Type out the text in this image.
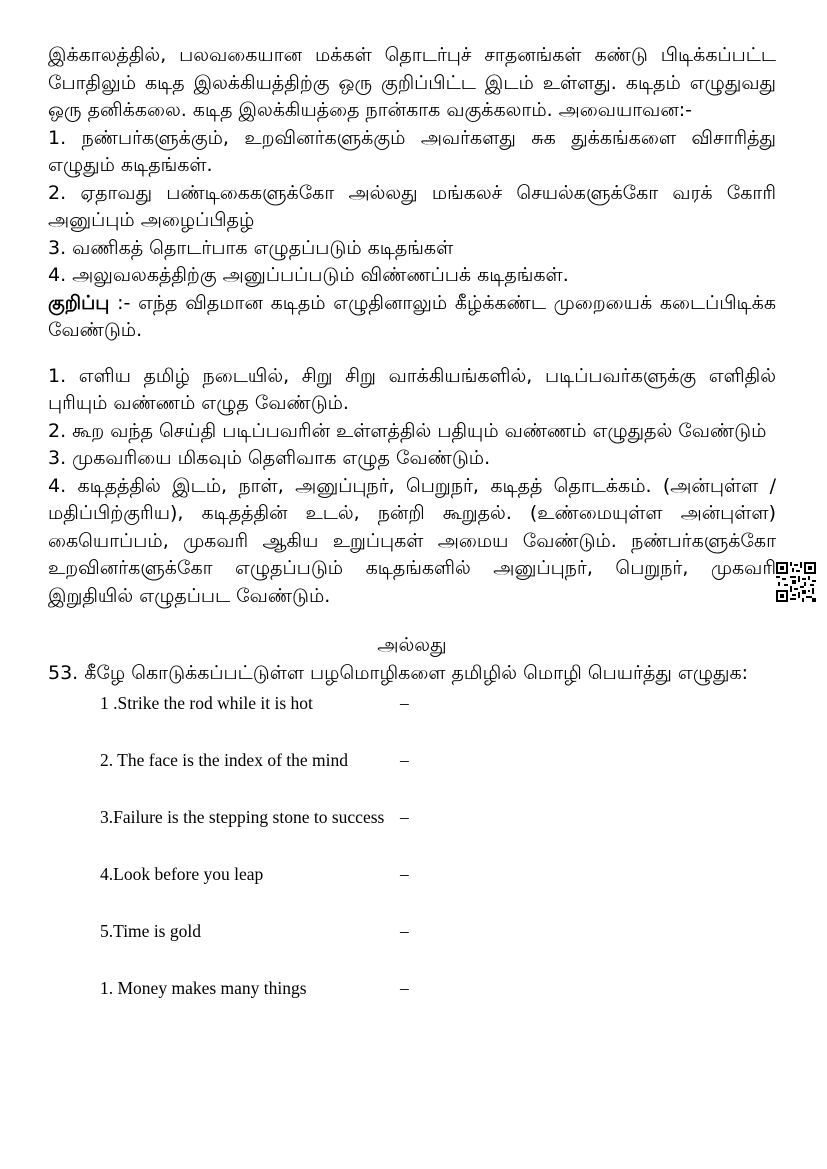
இக்காலத்தில், பலவகையான மக்கள் தொடர்புச் சாதனங்கள் கண்டு பிடிக்கப்பட்ட போதிலும் கடித இலக்கியத்திற்கு ஒரு குறிப்பிட்ட இடம் உள்ளது. கடிதம் எழுதுவது ஒரு தனிக்கலை. கடித இலக்கியத்தை நான்காக வகுக்கலாம். அவையாவன:-

1. நண்பர்களுக்கும், உறவினர்களுக்கும் அவர்களது சுக துக்கங்களை விசாரித்து எழுதும் கடிதங்கள்.

2. ஏதாவது பண்டிகைகளுக்கோ அல்லது மங்கலச் செயல்களுக்கோ வரக் கோரி அனுப்பும் அழைப்பிதழ்

3. வணிகத் தொடர்பாக எழுதப்படும் கடிதங்கள்

4. அலுவலகத்திற்கு அனுப்பப்படும் விண்ணப்பக் கடிதங்கள்.

குறிப்பு :- எந்த விதமான கடிதம் எழுதினாலும் கீழ்க்கண்ட முறையைக் கடைப்பிடிக்க வேண்டும்.

1. எளிய தமிழ் நடையில், சிறு சிறு வாக்கியங்களில், படிப்பவர்களுக்கு எளிதில் புரியும் வண்ணம் எழுத வேண்டும்.

2. கூற வந்த செய்தி படிப்பவரின் உள்ளத்தில் பதியும் வண்ணம் எழுதுதல் வேண்டும்

3. முகவரியை மிகவும் தெளிவாக எழுத வேண்டும்.

4. கடிதத்தில் இடம், நாள், அனுப்புநர், பெறுநர், கடிதத் தொடக்கம். (அன்புள்ள /மதிப்பிற்குரிய), கடிதத்தின் உடல், நன்றி கூறுதல். (உண்மையுள்ள அன்புள்ள) கையொப்பம், முகவரி ஆகிய உறுப்புகள் அமைய வேண்டும். நண்பர்களுக்கோ உறவினர்களுக்கோ எழுதப்படும் கடிதங்களில் அனுப்புநர், பெறுநர், முகவரி இறுதியில் எழுதப்பட வேண்டும்.

அல்லது

53. கீழே கொடுக்கப்பட்டுள்ள பழமொழிகளை தமிழில் மொழி பெயர்த்து எழுதுக:

1 .Strike the rod while it is hot	–
2. The face is the index of the mind	–
3.Failure is the stepping stone to success –
4.Look before you leap	–
5.Time is gold	–
1. Money makes many things	–
